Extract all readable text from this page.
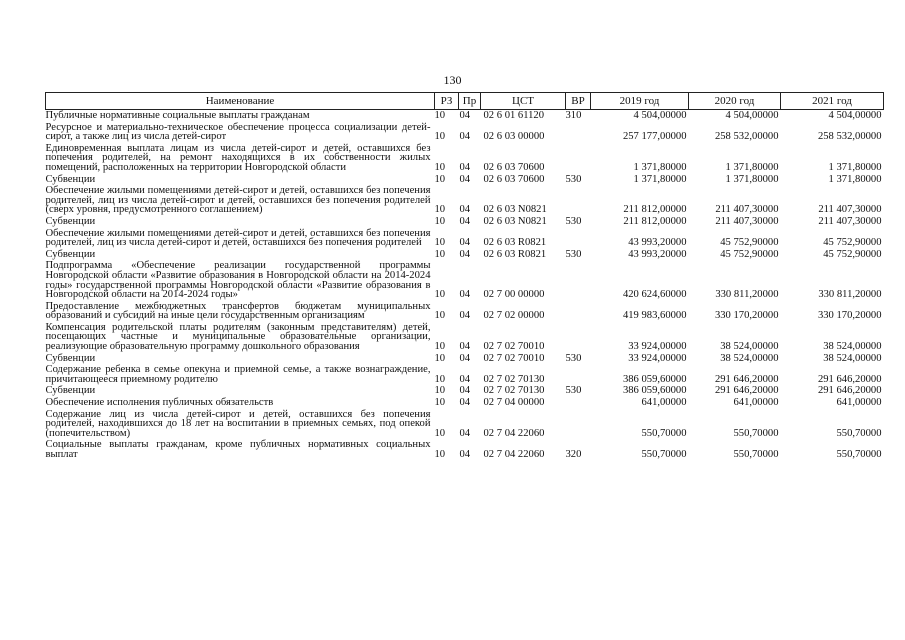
130
Наименование	РЗ	Пр	ЦСТ	ВР	2019 год	2020 год	2021 год
Публичные нормативные социальные выплаты гражданам	10	04	02 6 01 61120	310	4 504,00000	4 504,00000	4 504,00000
Ресурсное и материально-техническое обеспечение процесса социализации детей-сирот, а также лиц из числа детей-сирот	10	04	02 6 03 00000		257 177,00000	258 532,00000	258 532,00000
Единовременная выплата лицам из числа детей-сирот и детей, оставшихся без попечения родителей, на ремонт находящихся в их собственности жилых помещений, расположенных на территории Новгородской области	10	04	02 6 03 70600		1 371,80000	1 371,80000	1 371,80000
Субвенции	10	04	02 6 03 70600	530	1 371,80000	1 371,80000	1 371,80000
Обеспечение жилыми помещениями детей-сирот и детей, оставшихся без попечения родителей, лиц из числа детей-сирот и детей, оставшихся без попечения родителей (сверх уровня, предусмотренного соглашением)	10	04	02 6 03 N0821		211 812,00000	211 407,30000	211 407,30000
Субвенции	10	04	02 6 03 N0821	530	211 812,00000	211 407,30000	211 407,30000
Обеспечение жилыми помещениями детей-сирот и детей, оставшихся без попечения родителей, лиц из числа детей-сирот и детей, оставшихся без попечения родителей	10	04	02 6 03 R0821		43 993,20000	45 752,90000	45 752,90000
Субвенции	10	04	02 6 03 R0821	530	43 993,20000	45 752,90000	45 752,90000
Подпрограмма «Обеспечение реализации государственной программы Новгородской области «Развитие образования в Новгородской области на 2014-2024 годы» государственной программы Новгородской области «Развитие образования в Новгородской области на 2014-2024 годы»	10	04	02 7 00 00000		420 624,60000	330 811,20000	330 811,20000
Предоставление межбюджетных трансфертов бюджетам муниципальных образований и субсидий на иные цели государственным организациям	10	04	02 7 02 00000		419 983,60000	330 170,20000	330 170,20000
Компенсация родительской платы родителям (законным представителям) детей, посещающих частные и муниципальные образовательные организации, реализующие образовательную программу дошкольного образования	10	04	02 7 02 70010		33 924,00000	38 524,00000	38 524,00000
Субвенции	10	04	02 7 02 70010	530	33 924,00000	38 524,00000	38 524,00000
Содержание ребенка в семье опекуна и приемной семье, а также вознаграждение, причитающееся приемному родителю	10	04	02 7 02 70130		386 059,60000	291 646,20000	291 646,20000
Субвенции	10	04	02 7 02 70130	530	386 059,60000	291 646,20000	291 646,20000
Обеспечение исполнения публичных обязательств	10	04	02 7 04 00000		641,00000	641,00000	641,00000
Содержание лиц из числа детей-сирот и детей, оставшихся без попечения родителей, находившихся до 18 лет на воспитании в приемных семьях, под опекой (попечительством)	10	04	02 7 04 22060		550,70000	550,70000	550,70000
Социальные выплаты гражданам, кроме публичных нормативных социальных выплат	10	04	02 7 04 22060	320	550,70000	550,70000	550,70000
